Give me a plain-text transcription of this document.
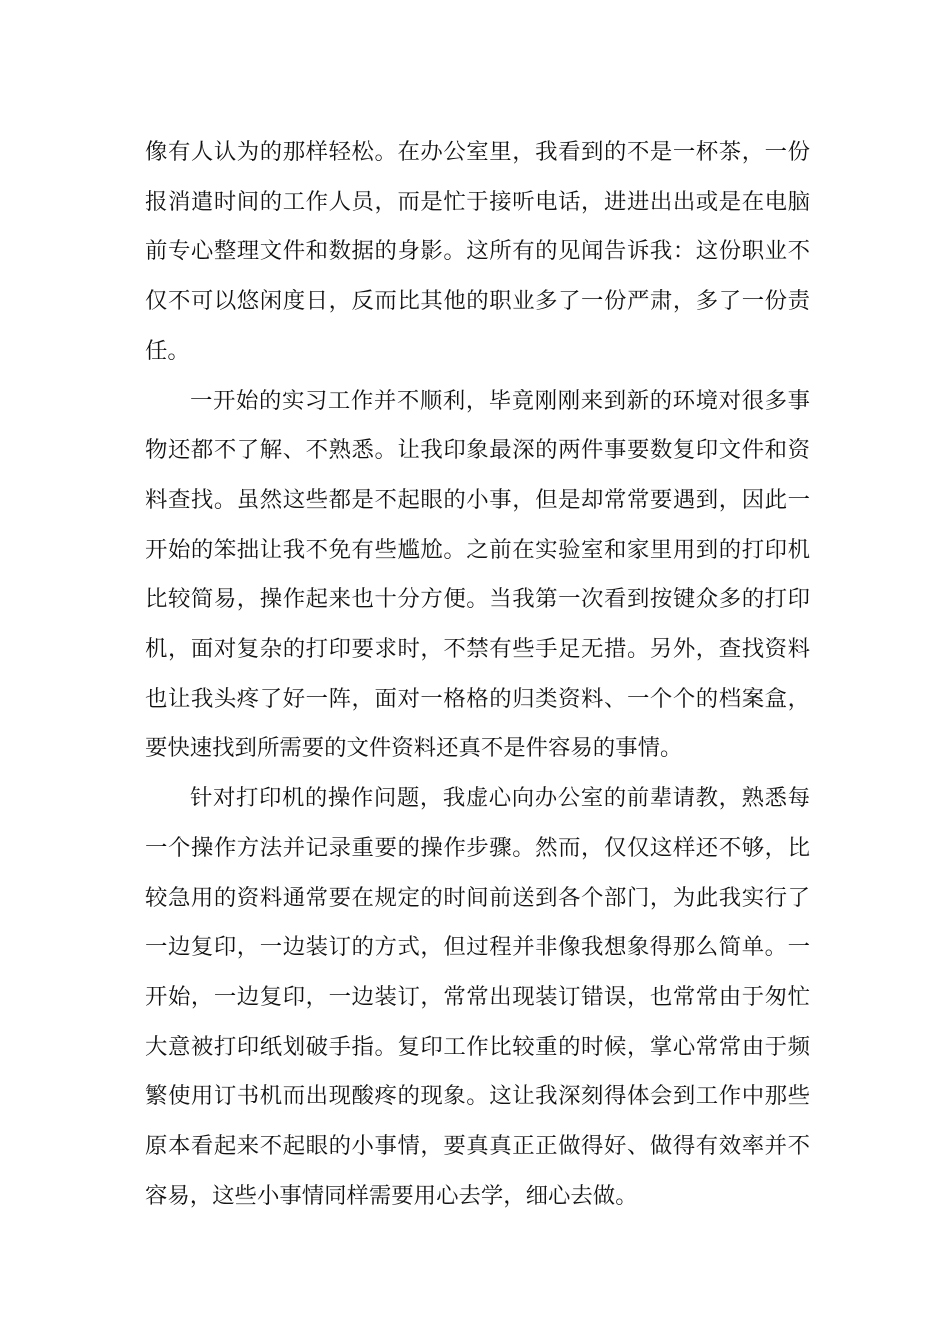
像有人认为的那样轻松。在办公室里，我看到的不是一杯茶，一份报消遣时间的工作人员，而是忙于接听电话，进进出出或是在电脑前专心整理文件和数据的身影。这所有的见闻告诉我：这份职业不仅不可以悠闲度日，反而比其他的职业多了一份严肃，多了一份责任。

一开始的实习工作并不顺利，毕竟刚刚来到新的环境对很多事物还都不了解、不熟悉。让我印象最深的两件事要数复印文件和资料查找。虽然这些都是不起眼的小事，但是却常常要遇到，因此一开始的笨拙让我不免有些尴尬。之前在实验室和家里用到的打印机比较简易，操作起来也十分方便。当我第一次看到按键众多的打印机，面对复杂的打印要求时，不禁有些手足无措。另外，查找资料也让我头疼了好一阵，面对一格格的归类资料、一个个的档案盒，要快速找到所需要的文件资料还真不是件容易的事情。

针对打印机的操作问题，我虚心向办公室的前辈请教，熟悉每一个操作方法并记录重要的操作步骤。然而，仅仅这样还不够，比较急用的资料通常要在规定的时间前送到各个部门，为此我实行了一边复印，一边装订的方式，但过程并非像我想象得那么简单。一开始，一边复印，一边装订，常常出现装订错误，也常常由于匆忙大意被打印纸划破手指。复印工作比较重的时候，掌心常常由于频繁使用订书机而出现酸疼的现象。这让我深刻得体会到工作中那些原本看起来不起眼的小事情，要真真正正做得好、做得有效率并不容易，这些小事情同样需要用心去学，细心去做。
